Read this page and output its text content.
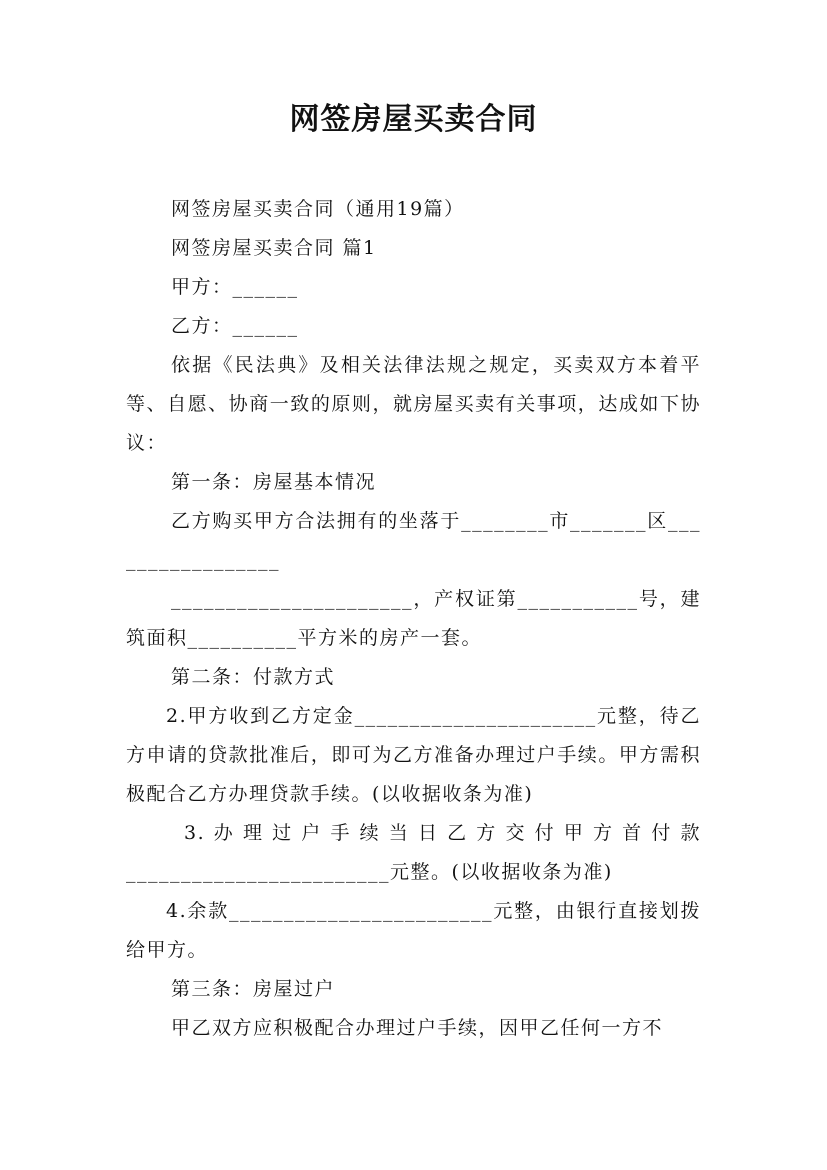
网签房屋买卖合同

网签房屋买卖合同（通用19篇）

网签房屋买卖合同 篇1

甲方：______

乙方：______

依据《民法典》及相关法律法规之规定，买卖双方本着平等、自愿、协商一致的原则，就房屋买卖有关事项，达成如下协议：

第一条：房屋基本情况

乙方购买甲方合法拥有的坐落于________市_______区_________________

______________________，产权证第___________号，建筑面积__________平方米的房产一套。

第二条：付款方式

2.甲方收到乙方定金______________________元整，待乙方申请的贷款批准后，即可为乙方准备办理过户手续。甲方需积极配合乙方办理贷款手续。(以收据收条为准)

3.办理过户手续当日乙方交付甲方首付款

________________________元整。(以收据收条为准)

4.余款________________________元整，由银行直接划拨给甲方。

第三条：房屋过户

甲乙双方应积极配合办理过户手续，因甲乙任何一方不
